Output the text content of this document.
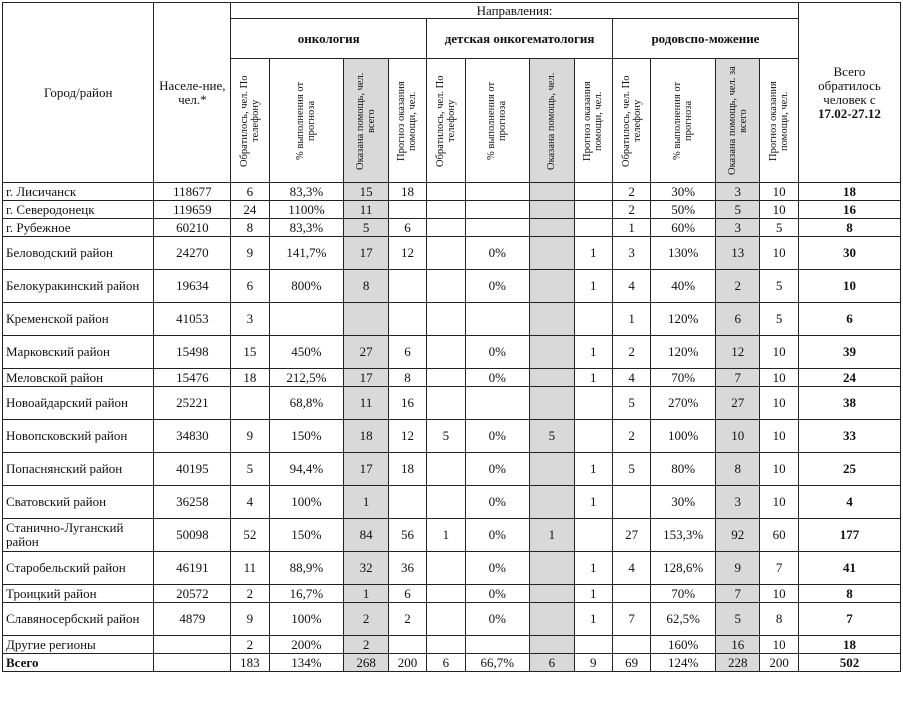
Город/район	Населе-ние, чел.*	Направления:												Всего обратилось человек с
17.02-27.12
		онкология				детская онкогематология				родовспо-можение				

		Обратилось, чел. По телефону	% выполнения от прогноза	Оказана помощь, чел. всего	Прогноз оказания помощи, чел.	Обратилось, чел. По телефону	% выполнения от прогноза	Оказана помощь, чел.	Прогноз оказания помощи, чел.	Обратилось, чел. По телефону	% выполнения от прогноза	Оказана помощь, чел. за всего	Прогноз оказания помощи, чел.	

г. Лисичанск	118677	6	83,3%	15	18					2	30%	3	10	18
г. Северодонецк	119659	24	1100%	11						2	50%	5	10	16
г. Рубежное	60210	8	83,3%	5	6					1	60%	3	5	8
Беловодский район	24270	9	141,7%	17	12		0%		1	3	130%	13	10	30
Белокуракинский район	19634	6	800%	8			0%		1	4	40%	2	5	10
Кременской район	41053	3								1	120%	6	5	6
Марковский район	15498	15	450%	27	6		0%		1	2	120%	12	10	39
Меловской район	15476	18	212,5%	17	8		0%		1	4	70%	7	10	24
Новоайдарский район	25221		68,8%	11	16					5	270%	27	10	38
Новопсковский район	34830	9	150%	18	12	5	0%	5		2	100%	10	10	33
Попаснянский район	40195	5	94,4%	17	18		0%		1	5	80%	8	10	25
Сватовский район	36258	4	100%	1			0%		1		30%	3	10	4
Станично-Луганский район	50098	52	150%	84	56	1	0%	1		27	153,3%	92	60	177
Старобельский район	46191	11	88,9%	32	36		0%		1	4	128,6%	9	7	41
Троицкий район	20572	2	16,7%	1	6		0%		1		70%	7	10	8
Славяносербский район	4879	9	100%	2	2		0%		1	7	62,5%	5	8	7
Другие регионы		2	200%	2							160%	16	10	18
Всего		183	134%	268	200	6	66,7%	6	9	69	124%	228	200	502
